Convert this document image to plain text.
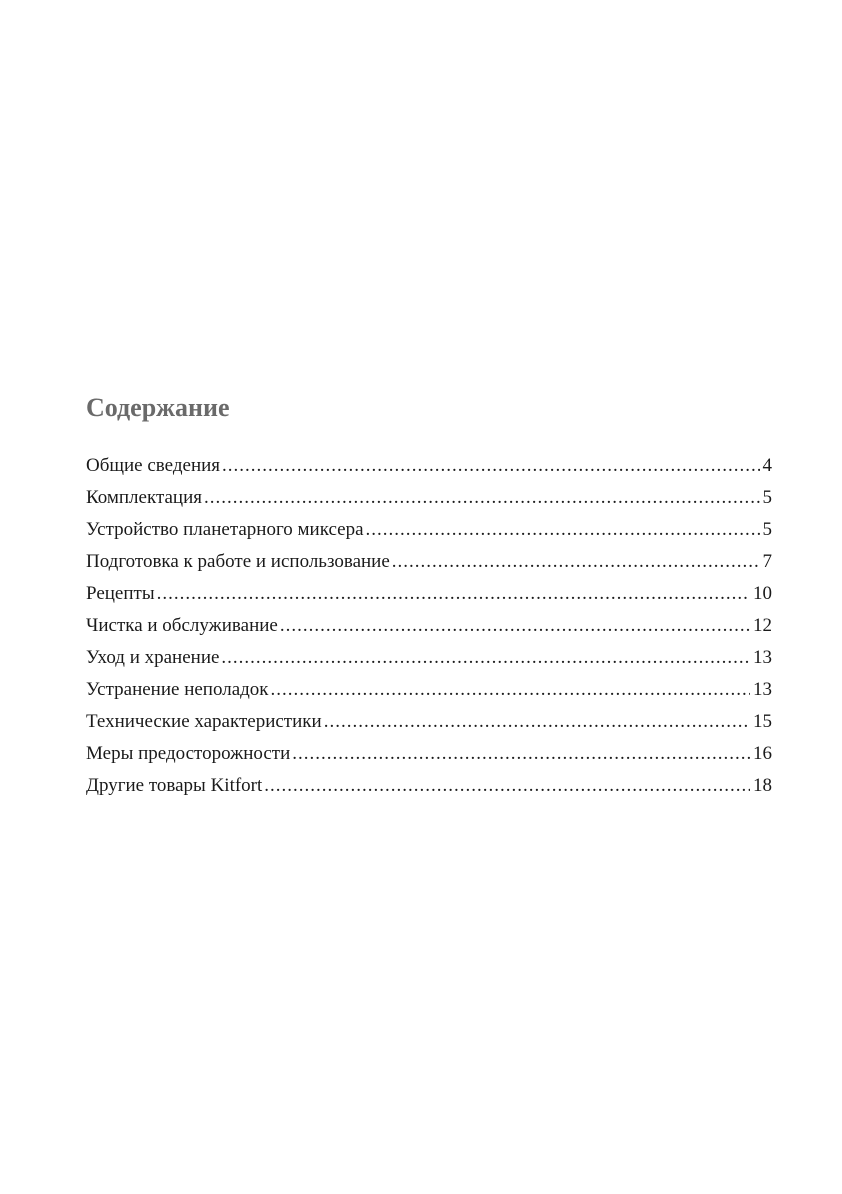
Содержание
Общие сведения .....	4
Комплектация .....	5
Устройство планетарного миксера .....	5
Подготовка к работе и использование .....	7
Рецепты .....	10
Чистка и обслуживание .....	12
Уход и хранение .....	13
Устранение неполадок .....	13
Технические характеристики .....	15
Меры предосторожности .....	16
Другие товары Kitfort .....	18
